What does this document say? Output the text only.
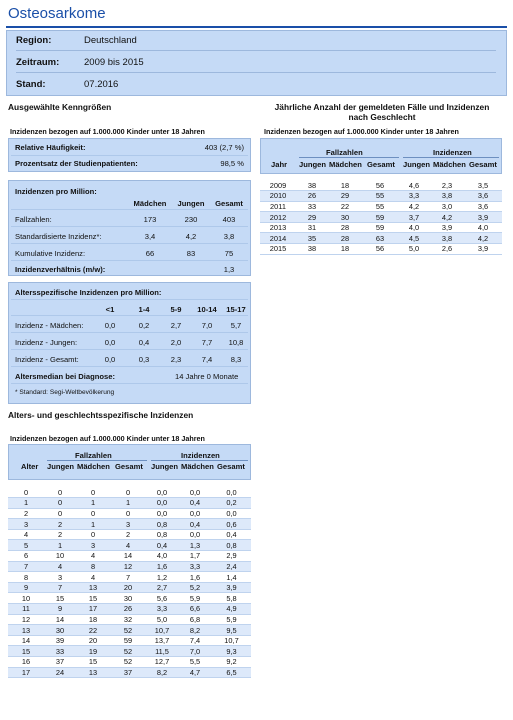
Osteosarkome
Region:	Deutschland
Zeitraum:	2009 bis 2015
Stand:	07.2016
Ausgewählte Kenngrößen
Inzidenzen bezogen auf 1.000.000 Kinder unter 18 Jahren
Relative Häufigkeit:	403 (2,7 %)
Prozentsatz der Studienpatienten:	98,5 %
Inzidenzen pro Million:
Mädchen	Jungen	Gesamt
Fallzahlen:	173	230	403
Standardisierte Inzidenz*:	3,4	4,2	3,8
Kumulative Inzidenz:	66	83	75
Inzidenzverhältnis (m/w):	1,3
Altersspezifische Inzidenzen pro Million:
<1	1-4	5-9	10-14	15-17
Inzidenz - Mädchen:	0,0	0,2	2,7	7,0	5,7
Inzidenz - Jungen:	0,0	0,4	2,0	7,7	10,8
Inzidenz - Gesamt:	0,0	0,3	2,3	7,4	8,3
Altersmedian bei Diagnose:	14 Jahre 0 Monate
* Standard: Segi-Weltbevölkerung
Jährliche Anzahl der gemeldeten Fälle und Inzidenzen
nach Geschlecht
Inzidenzen bezogen auf 1.000.000 Kinder unter 18 Jahren
Fallzahlen	Inzidenzen
Jahr Jungen Mädchen Gesamt Jungen Mädchen Gesamt
2009	38	18	56	4,6	2,3	3,5
2010	26	29	55	3,3	3,8	3,6
2011	33	22	55	4,2	3,0	3,6
2012	29	30	59	3,7	4,2	3,9
2013	31	28	59	4,0	3,9	4,0
2014	35	28	63	4,5	3,8	4,2
2015	38	18	56	5,0	2,6	3,9
Alters- und geschlechtsspezifische Inzidenzen
Inzidenzen bezogen auf 1.000.000 Kinder unter 18 Jahren
Fallzahlen	Inzidenzen
Alter Jungen Mädchen Gesamt Jungen Mädchen Gesamt
0	0	0	0	0,0	0,0	0,0
1	0	1	1	0,0	0,4	0,2
2	0	0	0	0,0	0,0	0,0
3	2	1	3	0,8	0,4	0,6
4	2	0	2	0,8	0,0	0,4
5	1	3	4	0,4	1,3	0,8
6	10	4	14	4,0	1,7	2,9
7	4	8	12	1,6	3,3	2,4
8	3	4	7	1,2	1,6	1,4
9	7	13	20	2,7	5,2	3,9
10	15	15	30	5,6	5,9	5,8
11	9	17	26	3,3	6,6	4,9
12	14	18	32	5,0	6,8	5,9
13	30	22	52	10,7	8,2	9,5
14	39	20	59	13,7	7,4	10,7
15	33	19	52	11,5	7,0	9,3
16	37	15	52	12,7	5,5	9,2
17	24	13	37	8,2	4,7	6,5
